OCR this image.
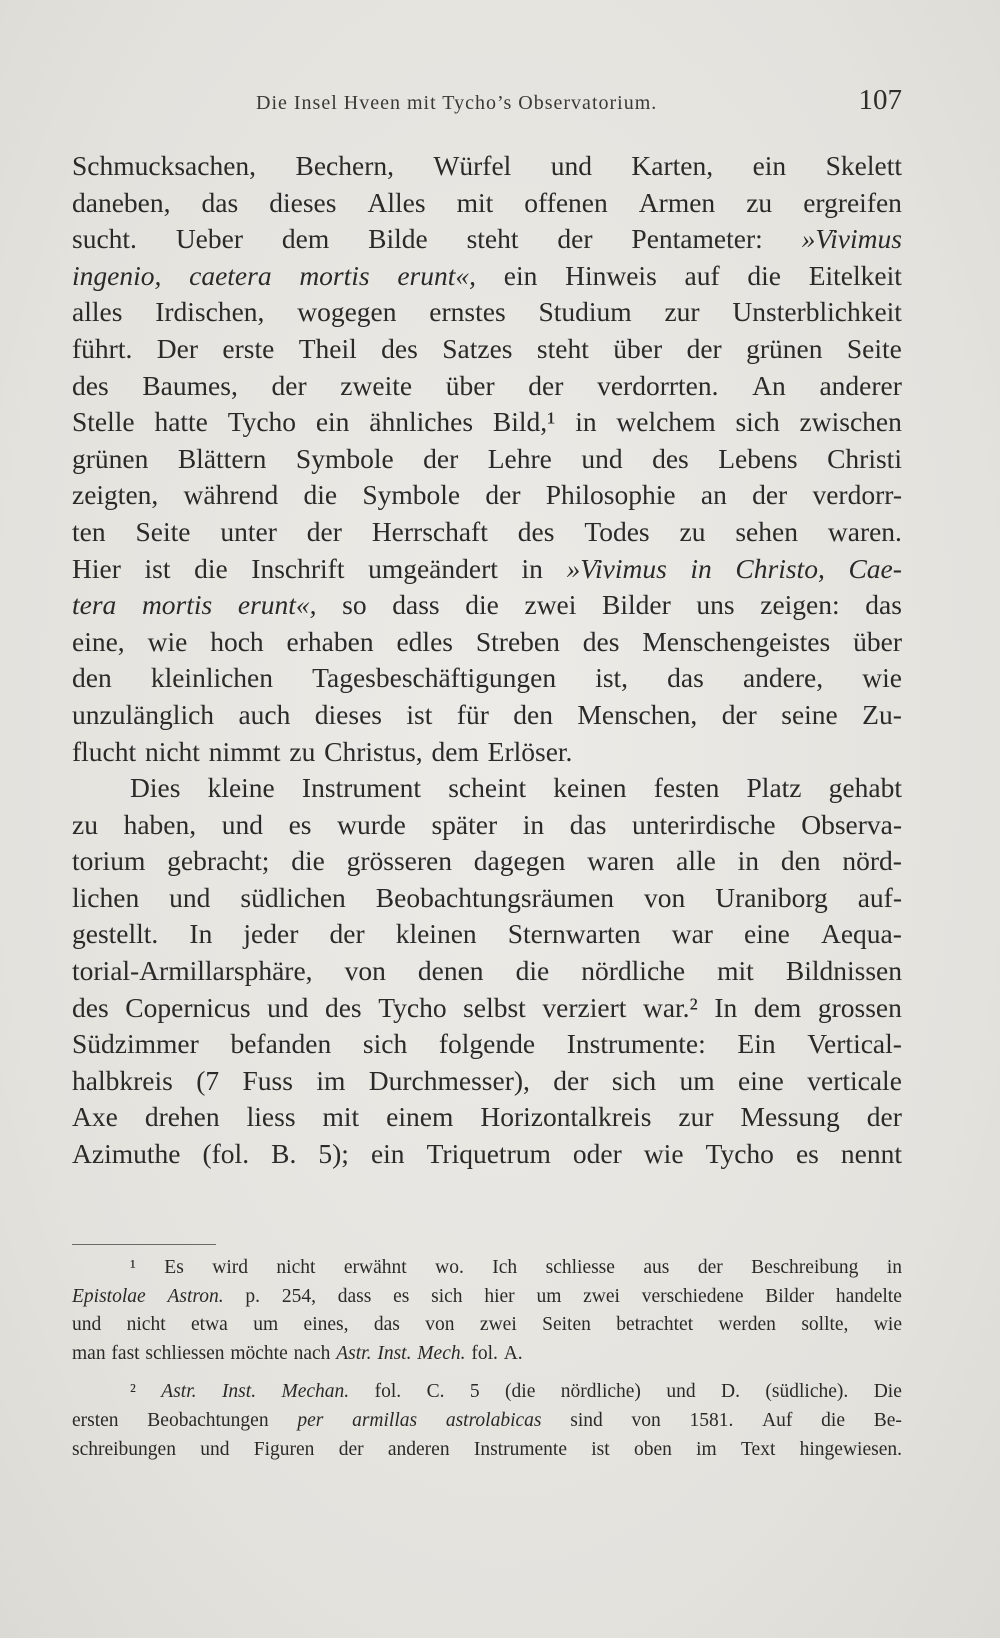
Die Insel Hveen mit Tycho’s Observatorium.	107
Schmucksachen, Bechern, Würfel und Karten, ein Skelett
daneben, das dieses Alles mit offenen Armen zu ergreifen
sucht. Ueber dem Bilde steht der Pentameter: »Vivimus
ingenio, caetera mortis erunt«, ein Hinweis auf die Eitelkeit
alles Irdischen, wogegen ernstes Studium zur Unsterblichkeit
führt. Der erste Theil des Satzes steht über der grünen Seite
des Baumes, der zweite über der verdorrten. An anderer
Stelle hatte Tycho ein ähnliches Bild,¹ in welchem sich zwischen
grünen Blättern Symbole der Lehre und des Lebens Christi
zeigten, während die Symbole der Philosophie an der verdorr-
ten Seite unter der Herrschaft des Todes zu sehen waren.
Hier ist die Inschrift umgeändert in »Vivimus in Christo, Cae-
tera mortis erunt«, so dass die zwei Bilder uns zeigen: das
eine, wie hoch erhaben edles Streben des Menschengeistes über
den kleinlichen Tagesbeschäftigungen ist, das andere, wie
unzulänglich auch dieses ist für den Menschen, der seine Zu-
flucht nicht nimmt zu Christus, dem Erlöser.
Dies kleine Instrument scheint keinen festen Platz gehabt
zu haben, und es wurde später in das unterirdische Observa-
torium gebracht; die grösseren dagegen waren alle in den nörd-
lichen und südlichen Beobachtungsräumen von Uraniborg auf-
gestellt. In jeder der kleinen Sternwarten war eine Aequa-
torial-Armillarsphäre, von denen die nördliche mit Bildnissen
des Copernicus und des Tycho selbst verziert war.² In dem grossen
Südzimmer befanden sich folgende Instrumente: Ein Vertical-
halbkreis (7 Fuss im Durchmesser), der sich um eine verticale
Axe drehen liess mit einem Horizontalkreis zur Messung der
Azimuthe (fol. B. 5); ein Triquetrum oder wie Tycho es nennt
¹ Es wird nicht erwähnt wo. Ich schliesse aus der Beschreibung in
Epistolae Astron. p. 254, dass es sich hier um zwei verschiedene Bilder handelte
und nicht etwa um eines, das von zwei Seiten betrachtet werden sollte, wie
man fast schliessen möchte nach Astr. Inst. Mech. fol. A.
² Astr. Inst. Mechan. fol. C. 5 (die nördliche) und D. (südliche). Die
ersten Beobachtungen per armillas astrolabicas sind von 1581. Auf die Be-
schreibungen und Figuren der anderen Instrumente ist oben im Text hingewiesen.
